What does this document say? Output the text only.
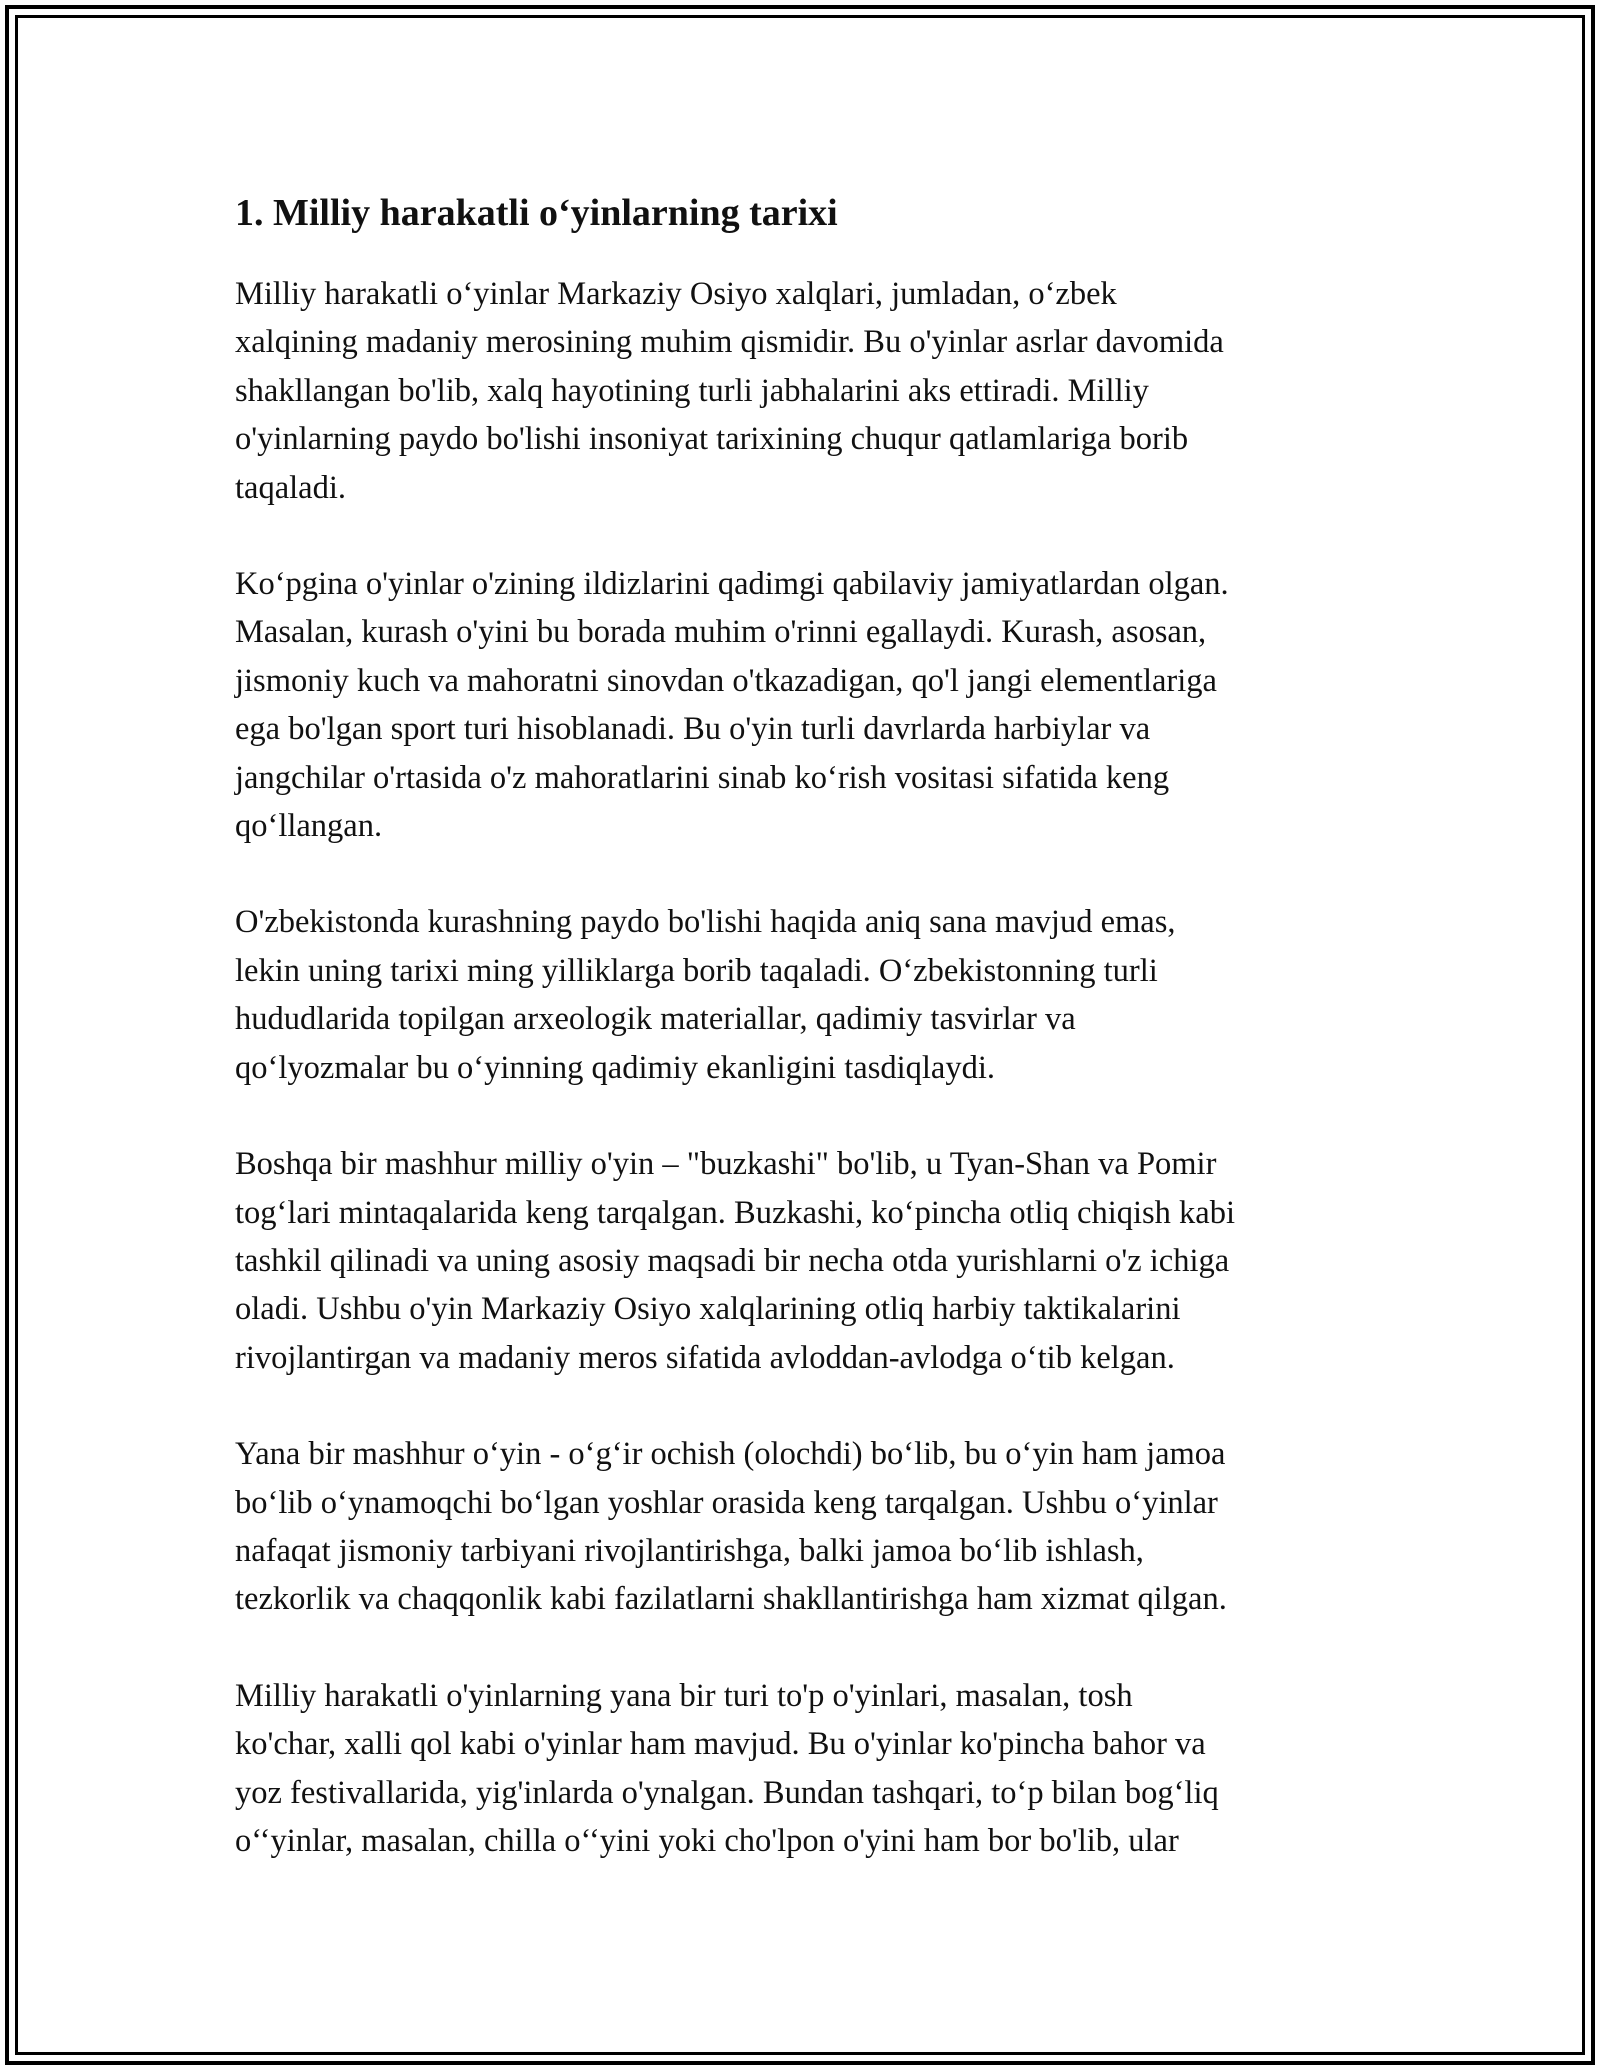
1. Milliy harakatli o‘yinlarning tarixi

Milliy harakatli o‘yinlar Markaziy Osiyo xalqlari, jumladan, o‘zbek
xalqining madaniy merosining muhim qismidir. Bu o'yinlar asrlar davomida
shakllangan bo'lib, xalq hayotining turli jabhalarini aks ettiradi. Milliy
o'yinlarning paydo bo'lishi insoniyat tarixining chuqur qatlamlariga borib
taqaladi.

Ko‘pgina o'yinlar o'zining ildizlarini qadimgi qabilaviy jamiyatlardan olgan.
Masalan, kurash o'yini bu borada muhim o'rinni egallaydi. Kurash, asosan,
jismoniy kuch va mahoratni sinovdan o'tkazadigan, qo'l jangi elementlariga
ega bo'lgan sport turi hisoblanadi. Bu o'yin turli davrlarda harbiylar va
jangchilar o'rtasida o'z mahoratlarini sinab ko‘rish vositasi sifatida keng
qo‘llangan.

O'zbekistonda kurashning paydo bo'lishi haqida aniq sana mavjud emas,
lekin uning tarixi ming yilliklarga borib taqaladi. O‘zbekistonning turli
hududlarida topilgan arxeologik materiallar, qadimiy tasvirlar va
qo‘lyozmalar bu o‘yinning qadimiy ekanligini tasdiqlaydi.

Boshqa bir mashhur milliy o'yin – "buzkashi" bo'lib, u Tyan-Shan va Pomir
tog‘lari mintaqalarida keng tarqalgan. Buzkashi, ko‘pincha otliq chiqish kabi
tashkil qilinadi va uning asosiy maqsadi bir necha otda yurishlarni o'z ichiga
oladi. Ushbu o'yin Markaziy Osiyo xalqlarining otliq harbiy taktikalarini
rivojlantirgan va madaniy meros sifatida avloddan-avlodga o‘tib kelgan.

Yana bir mashhur o‘yin - o‘g‘ir ochish (olochdi) bo‘lib, bu o‘yin ham jamoa
bo‘lib o‘ynamoqchi bo‘lgan yoshlar orasida keng tarqalgan. Ushbu o‘yinlar
nafaqat jismoniy tarbiyani rivojlantirishga, balki jamoa bo‘lib ishlash,
tezkorlik va chaqqonlik kabi fazilatlarni shakllantirishga ham xizmat qilgan.

Milliy harakatli o'yinlarning yana bir turi to'p o'yinlari, masalan, tosh
ko'char, xalli qol kabi o'yinlar ham mavjud. Bu o'yinlar ko'pincha bahor va
yoz festivallarida, yig'inlarda o'ynalgan. Bundan tashqari, to‘p bilan bog‘liq
o‘‘yinlar, masalan, chilla o‘‘yini yoki cho'lpon o'yini ham bor bo'lib, ular
